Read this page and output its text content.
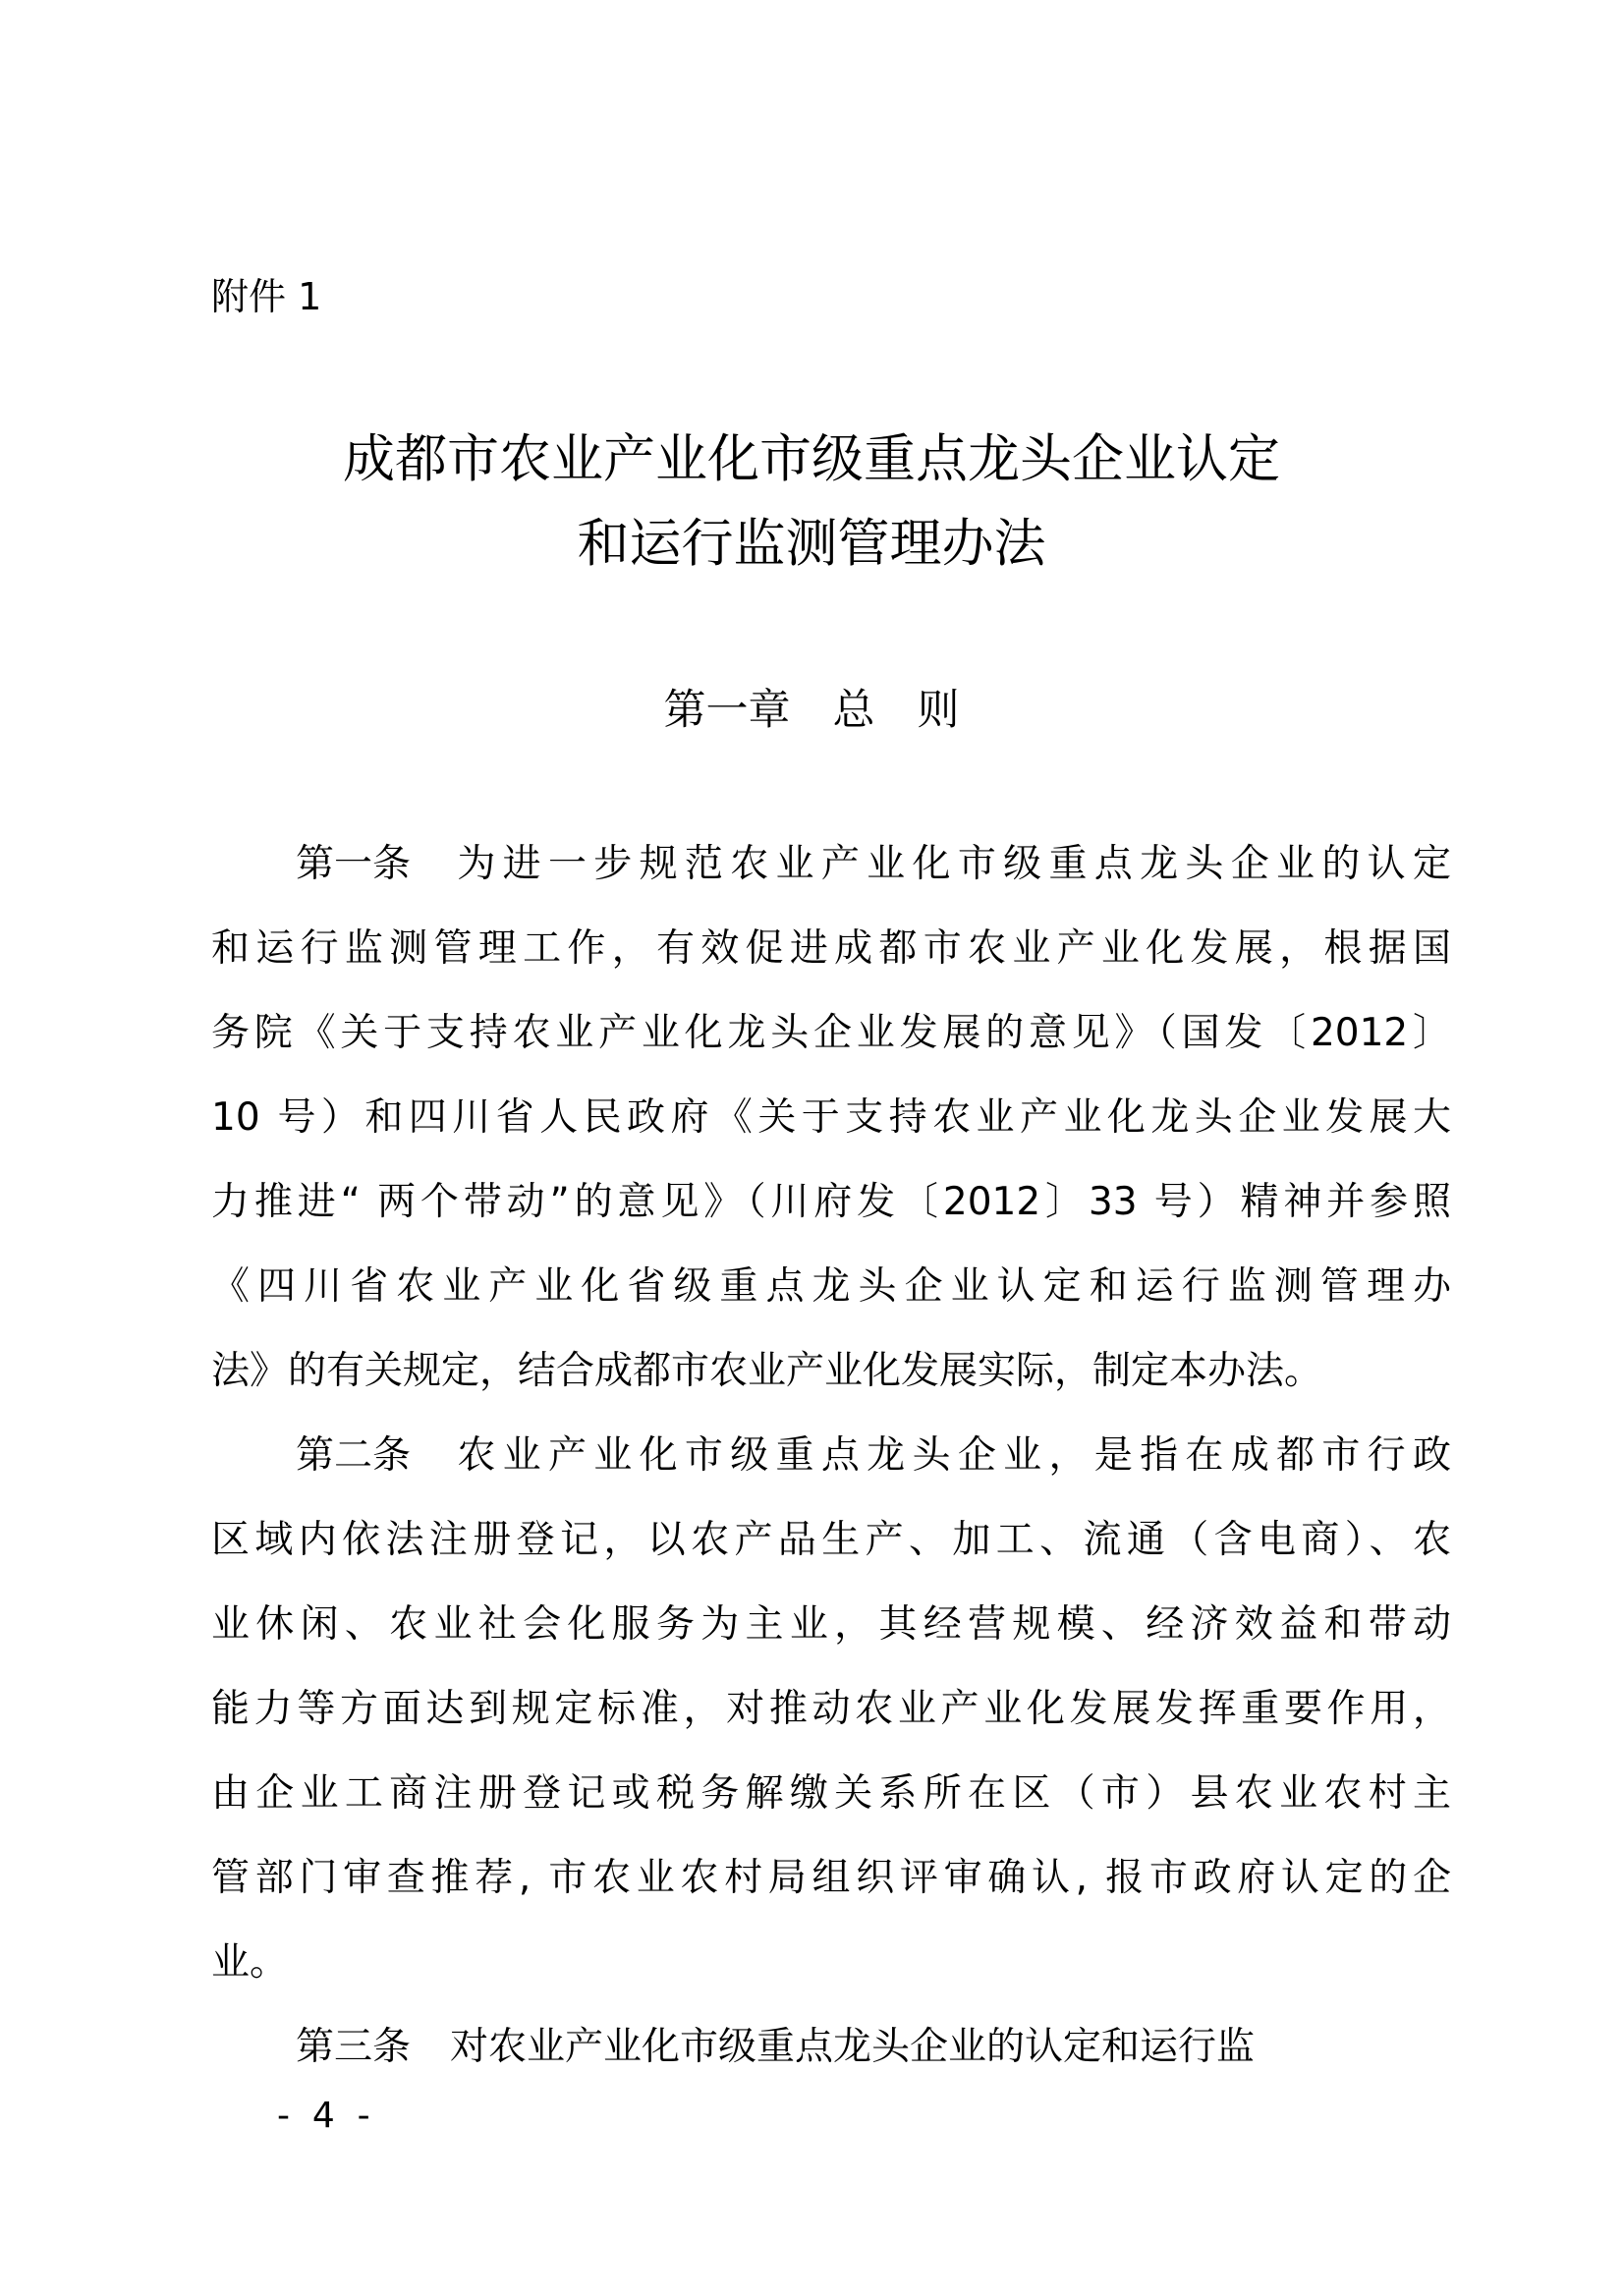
附件 1

成都市农业产业化市级重点龙头企业认定
和运行监测管理办法
第一章　总　则

第一条 为进一步规范农业产业化市级重点龙头企业的认定

和运行监测管理工作，有效促进成都市农业产业化发展，根据国

务院《关于支持农业产业化龙头企业发展的意见》（国发〔2012〕

10 号）和四川省人民政府《关于支持农业产业化龙头企业发展大

力推进“ 两个带动”的意见》（川府发〔2012〕33 号）精神并参照

《四川省农业产业化省级重点龙头企业认定和运行监测管理办

法》的有关规定，结合成都市农业产业化发展实际，制定本办法。

第二条 农业产业化市级重点龙头企业，是指在成都市行政

区域内依法注册登记，以农产品生产、加工、流通（含电商）、农

业休闲、农业社会化服务为主业，其经营规模、经济效益和带动

能力等方面达到规定标准，对推动农业产业化发展发挥重要作用，

由企业工商注册登记或税务解缴关系所在区（市）县农业农村主

管部门审查推荐, 市农业农村局组织评审确认, 报市政府认定的企

业。

第三条 对农业产业化市级重点龙头企业的认定和运行监

-  4  -
